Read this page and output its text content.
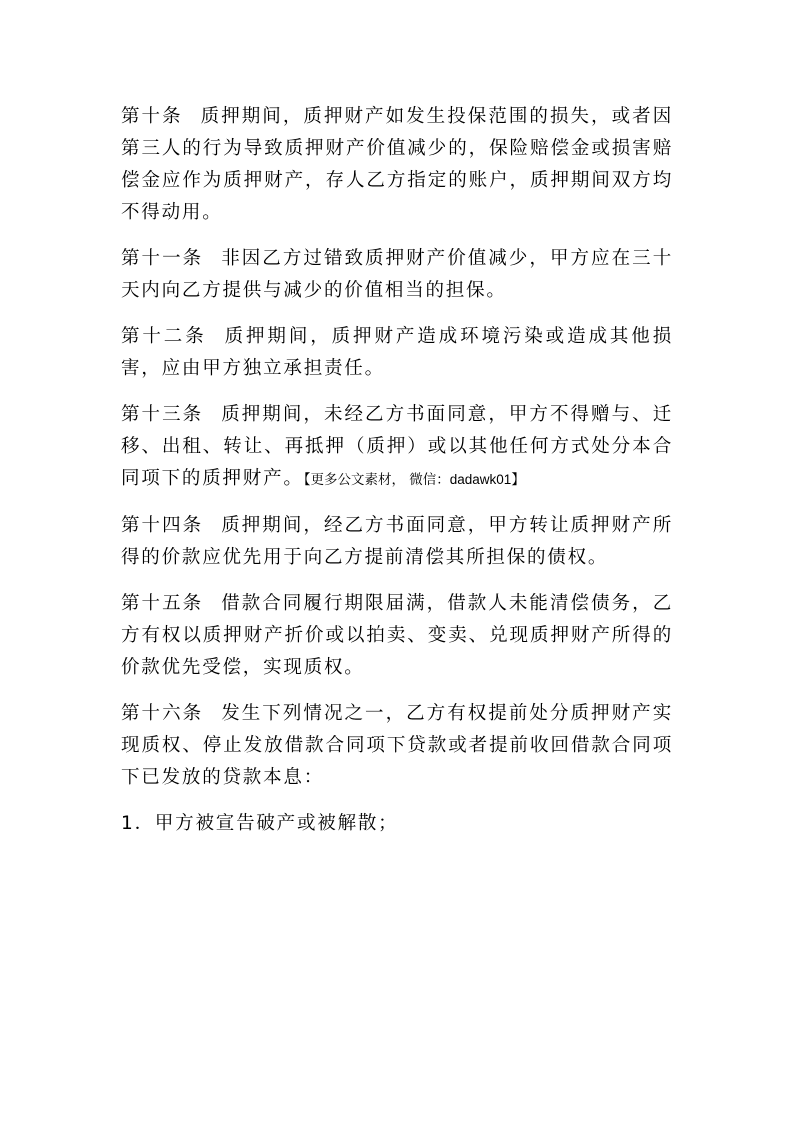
第十条 质押期间，质押财产如发生投保范围的损失，或者因第三人的行为导致质押财产价值减少的，保险赔偿金或损害赔偿金应作为质押财产，存人乙方指定的账户，质押期间双方均不得动用。

第十一条 非因乙方过错致质押财产价值减少，甲方应在三十天内向乙方提供与减少的价值相当的担保。

第十二条 质押期间，质押财产造成环境污染或造成其他损害，应由甲方独立承担责任。

第十三条 质押期间，未经乙方书面同意，甲方不得赠与、迁移、出租、转让、再抵押（质押）或以其他任何方式处分本合同项下的质押财产。【更多公文素材， 微信：dadawk01】

第十四条 质押期间，经乙方书面同意，甲方转让质押财产所得的价款应优先用于向乙方提前清偿其所担保的债权。

第十五条 借款合同履行期限届满，借款人未能清偿债务，乙方有权以质押财产折价或以拍卖、变卖、兑现质押财产所得的价款优先受偿，实现质权。

第十六条 发生下列情况之一，乙方有权提前处分质押财产实现质权、停止发放借款合同项下贷款或者提前收回借款合同项下已发放的贷款本息：

1．甲方被宣告破产或被解散；
